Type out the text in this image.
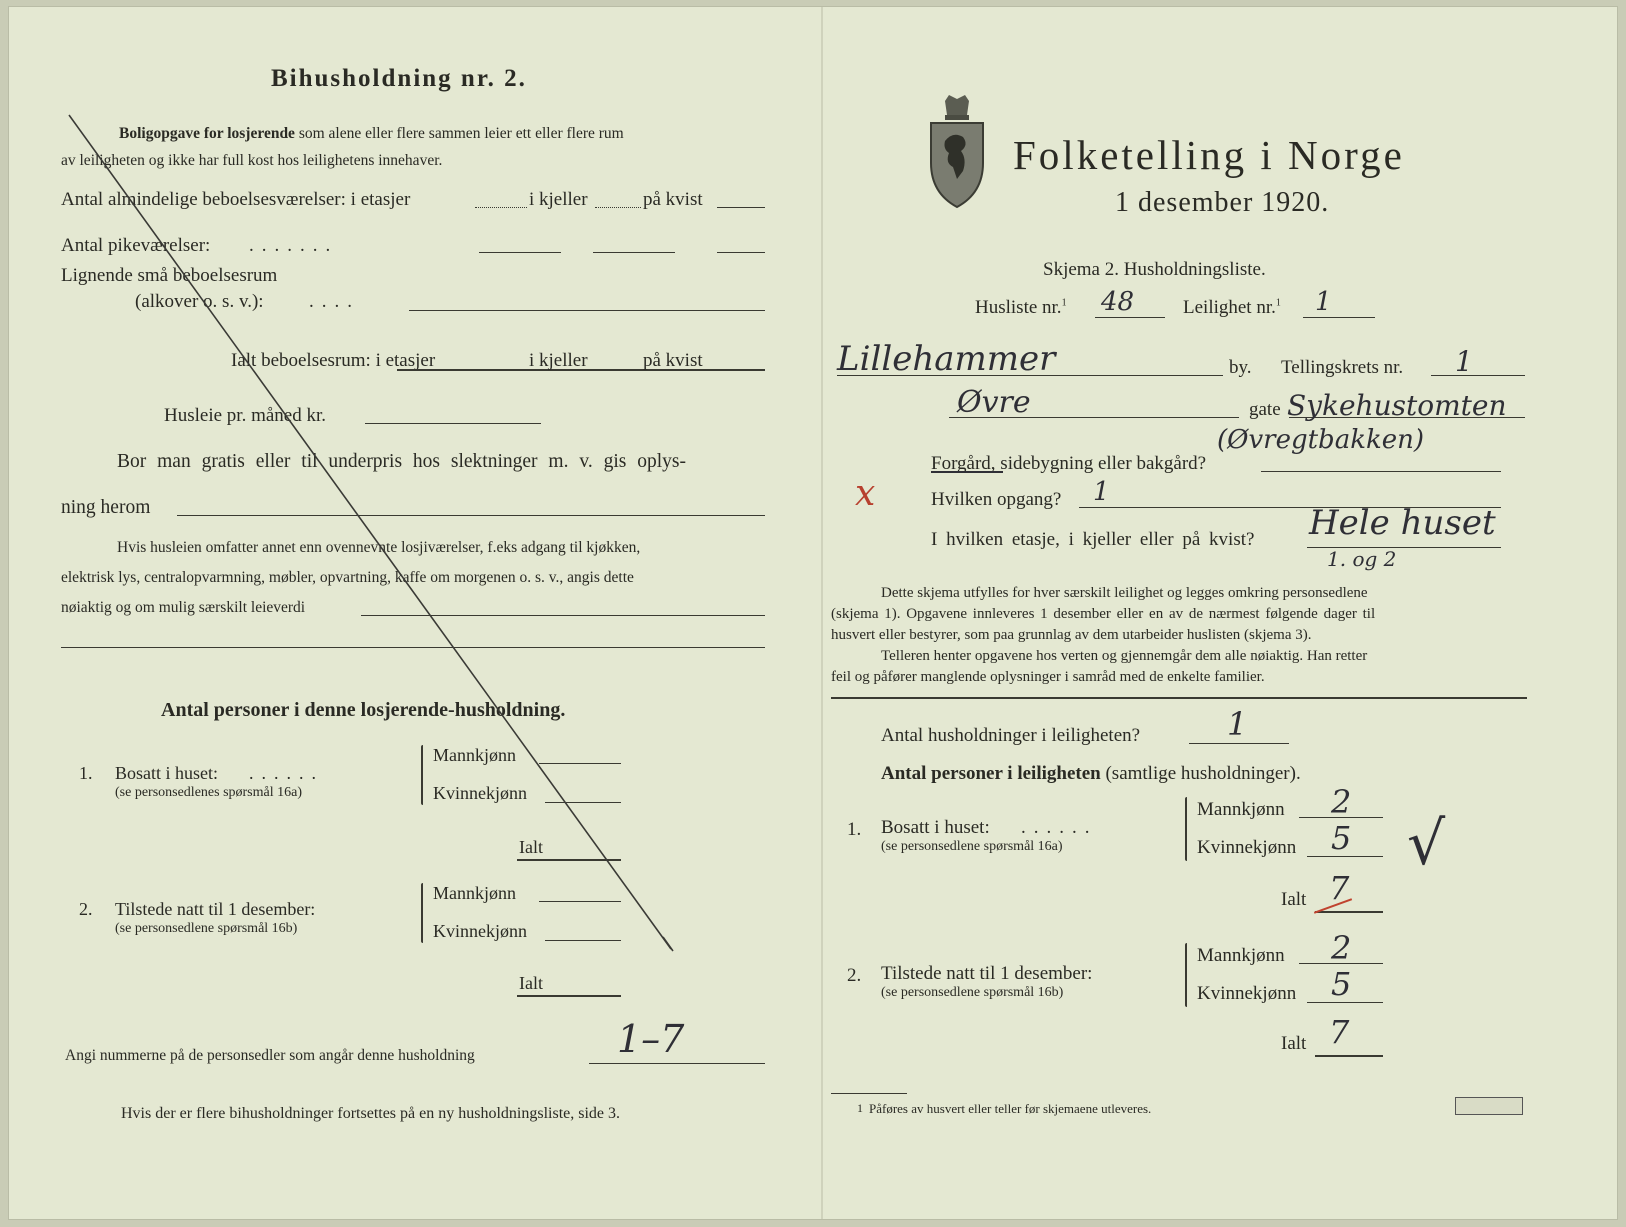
Bihusholdning nr. 2.
Boligopgave for losjerende som alene eller flere sammen leier ett eller flere rum
av leiligheten og ikke har full kost hos leilighetens innehaver.
Antal almindelige beboelsesværelser: i etasjer	i kjeller	på kvist
Antal pikeværelser: .......
Lignende små beboelsesrum
(alkover o. s. v.): ....
Ialt beboelsesrum: i etasjer	i kjeller	på kvist
Husleie pr. måned kr.
Bor man gratis eller til underpris hos slektninger m. v. gis oplys-
ning herom
Hvis husleien omfatter annet enn ovennevnte losjiværelser, f.eks adgang til kjøkken,
elektrisk lys, centralopvarmning, møbler, opvartning, kaffe om morgenen o. s. v., angis dette
nøiaktig og om mulig særskilt leieverdi
Antal personer i denne losjerende-husholdning.
1. Bosatt i huset: ......
(se personsedlenes spørsmål 16a)
Mannkjønn
Kvinnekjønn
Ialt
2. Tilstede natt til 1 desember:
(se personsedlene spørsmål 16b)
Mannkjønn
Kvinnekjønn
Ialt
Angi nummerne på de personsedler som angår denne husholdning	1–7
Hvis der er flere bihusholdninger fortsettes på en ny husholdningsliste, side 3.
Folketelling i Norge
1 desember 1920.
Skjema 2. Husholdningsliste.
Husliste nr.$^1$ 48	Leilighet nr.$^1$ 1
Lillehammer	by. Tellingskrets nr. 1
Øvre	gate Sykehustomten
(Øvregtbakken)
Forgård, sidebygning eller bakgård?
x	Hvilken opgang? 1
I hvilken etasje, i kjeller eller på kvist? Hele huset
1. og 2
Dette skjema utfylles for hver særskilt leilighet og legges omkring personsedlene
(skjema 1). Opgavene innleveres 1 desember eller en av de nærmest følgende dager til
husvert eller bestyrer, som paa grunnlag av dem utarbeider huslisten (skjema 3).
Telleren henter opgavene hos verten og gjennemgår dem alle nøiaktig. Han retter
feil og påfører manglende oplysninger i samråd med de enkelte familier.
Antal husholdninger i leiligheten?	1
Antal personer i leiligheten (samtlige husholdninger).
1. Bosatt i huset: ......
(se personsedlene spørsmål 16a)
Mannkjønn 2
Kvinnekjønn 5 √
Ialt 7
2. Tilstede natt til 1 desember:
(se personsedlene spørsmål 16b)
Mannkjønn 2
Kvinnekjønn 5
Ialt 7
1 Påføres av husvert eller teller før skjemaene utleveres.
